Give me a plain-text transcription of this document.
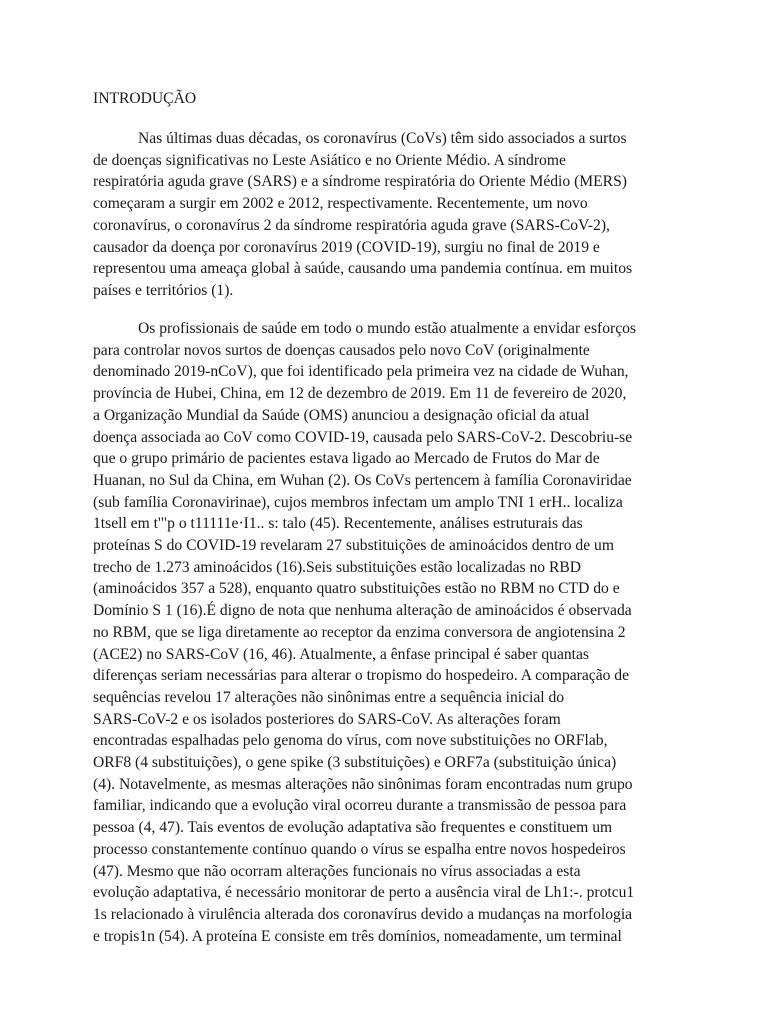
INTRODUÇÃO

Nas últimas duas décadas, os coronavírus (CoVs) têm sido associados a surtos
de doenças significativas no Leste Asiático e no Oriente Médio. A síndrome
respiratória aguda grave (SARS) e a síndrome respiratória do Oriente Médio (MERS)
começaram a surgir em 2002 e 2012, respectivamente. Recentemente, um novo
coronavírus, o coronavírus 2 da síndrome respiratória aguda grave (SARS-CoV-2),
causador da doença por coronavírus 2019 (COVID-19), surgiu no final de 2019 e
representou uma ameaça global à saúde, causando uma pandemia contínua. em muitos
países e territórios (1).

Os profissionais de saúde em todo o mundo estão atualmente a envidar esforços
para controlar novos surtos de doenças causados pelo novo CoV (originalmente
denominado 2019-nCoV), que foi identificado pela primeira vez na cidade de Wuhan,
província de Hubei, China, em 12 de dezembro de 2019. Em 11 de fevereiro de 2020,
a Organização Mundial da Saúde (OMS) anunciou a designação oficial da atual
doença associada ao CoV como COVID-19, causada pelo SARS-CoV-2. Descobriu-se
que o grupo primário de pacientes estava ligado ao Mercado de Frutos do Mar de
Huanan, no Sul da China, em Wuhan (2). Os CoVs pertencem à família Coronaviridae
(sub família Coronavirinae), cujos membros infectam um amplo TNI 1 erH.. localiza
1tsell em t'"p o t11111e·I1.. s: talo (45). Recentemente, análises estruturais das
proteínas S do COVID-19 revelaram 27 substituições de aminoácidos dentro de um
trecho de 1.273 aminoácidos (16).Seis substituições estão localizadas no RBD
(aminoácidos 357 a 528), enquanto quatro substituições estão no RBM no CTD do e
Domínio S 1 (16).É digno de nota que nenhuma alteração de aminoácidos é observada
no RBM, que se liga diretamente ao receptor da enzima conversora de angiotensina 2
(ACE2) no SARS-CoV (16, 46). Atualmente, a ênfase principal é saber quantas
diferenças seriam necessárias para alterar o tropismo do hospedeiro. A comparação de
sequências revelou 17 alterações não sinônimas entre a sequência inicial do
SARS-CoV-2 e os isolados posteriores do SARS-CoV. As alterações foram
encontradas espalhadas pelo genoma do vírus, com nove substituições no ORFlab,
ORF8 (4 substituições), o gene spike (3 substituições) e ORF7a (substituição única)
(4). Notavelmente, as mesmas alterações não sinônimas foram encontradas num grupo
familiar, indicando que a evolução viral ocorreu durante a transmissão de pessoa para
pessoa (4, 47). Tais eventos de evolução adaptativa são frequentes e constituem um
processo constantemente contínuo quando o vírus se espalha entre novos hospedeiros
(47). Mesmo que não ocorram alterações funcionais no vírus associadas a esta
evolução adaptativa, é necessário monitorar de perto a ausência viral de Lh1:-. protcu1
1s relacionado à virulência alterada dos coronavírus devido a mudanças na morfologia
e tropis1n (54). A proteína E consiste em três domínios, nomeadamente, um terminal
